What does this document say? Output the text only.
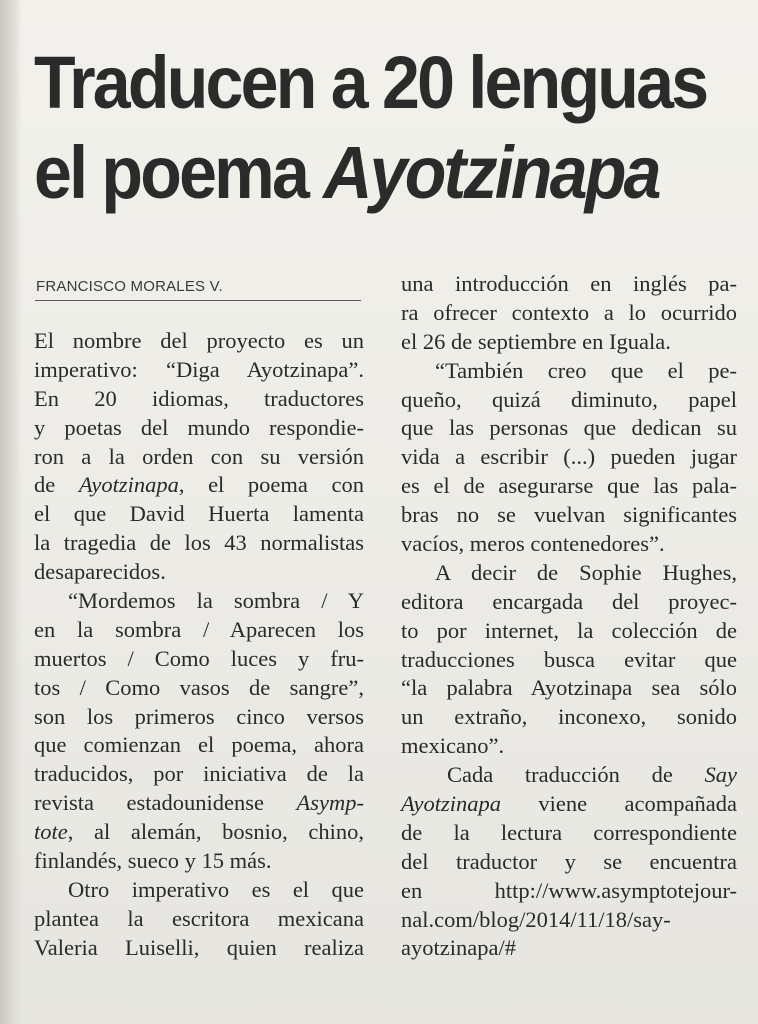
Traducen a 20 lenguas
el poema Ayotzinapa
FRANCISCO MORALES V.
El nombre del proyecto es un
imperativo: “Diga Ayotzinapa”.
En 20 idiomas, traductores
y poetas del mundo respondie-
ron a la orden con su versión
de Ayotzinapa, el poema con
el que David Huerta lamenta
la tragedia de los 43 normalistas
desaparecidos.
“Mordemos la sombra / Y
en la sombra / Aparecen los
muertos / Como luces y fru-
tos / Como vasos de sangre”,
son los primeros cinco versos
que comienzan el poema, ahora
traducidos, por iniciativa de la
revista estadounidense Asymp-
tote, al alemán, bosnio, chino,
finlandés, sueco y 15 más.
Otro imperativo es el que
plantea la escritora mexicana
Valeria Luiselli, quien realiza
una introducción en inglés pa-
ra ofrecer contexto a lo ocurrido
el 26 de septiembre en Iguala.
“También creo que el pe-
queño, quizá diminuto, papel
que las personas que dedican su
vida a escribir (...) pueden jugar
es el de asegurarse que las pala-
bras no se vuelvan significantes
vacíos, meros contenedores”.
A decir de Sophie Hughes,
editora encargada del proyec-
to por internet, la colección de
traducciones busca evitar que
“la palabra Ayotzinapa sea sólo
un extraño, inconexo, sonido
mexicano”.
Cada traducción de Say
Ayotzinapa viene acompañada
de la lectura correspondiente
del traductor y se encuentra
en http://www.asymptotejour-
nal.com/blog/2014/11/18/say-
ayotzinapa/#
